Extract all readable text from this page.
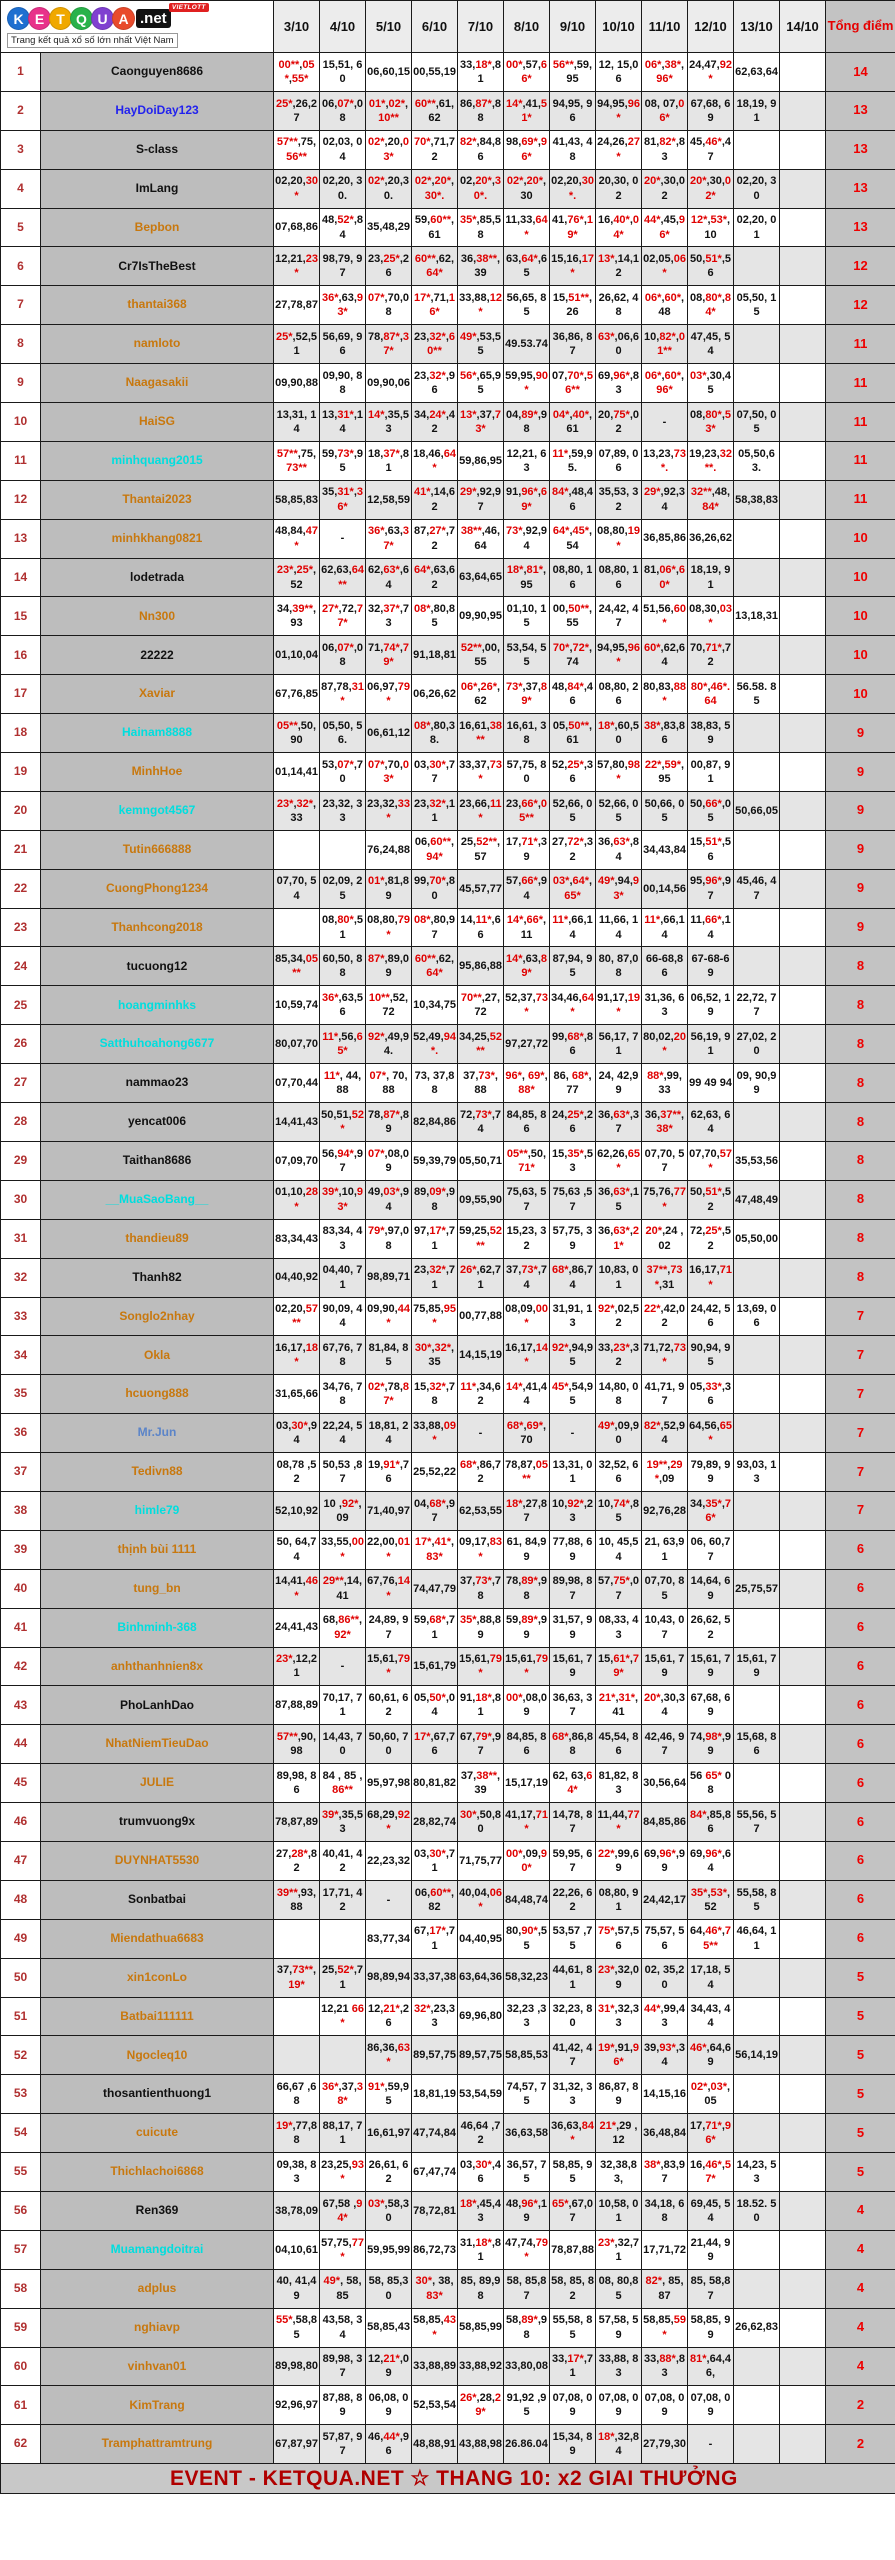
K E T Q U A .net
VIETLOTT
Trang kết quả xổ số lớn nhất Việt Nam		3/10	4/10	5/10	6/10	7/10	8/10	9/10	10/10	11/10	12/10	13/10	14/10	Tổng điểm
1	Caonguyen8686	00**,05*,55*	15,51, 60	06,60,15	00,55,19	33,18*,81	00*,57,66*	56**,59,95	12, 15,06	06*,38*,96*	24,47,92*	62,63,64		14
2	HayDoiDay123	25*,26,27	06,07*,08	01*,02*,10**	60**,61,62	86,87*,88	14*,41,51*	94,95, 96	94,95,96*	08, 07,06*	67,68, 69	18,19, 91		13
3	S-class	57**,75,56**	02,03, 04	02*,20,03*	70*,71,72	82*,84,86	98,69*,96*	41,43, 48	24,26,27*	81,82*,83	45,46*,47			13
4	ImLang	02,20,30*	02,20, 30.	02*,20,30.	02*,20*,30*.	02,20*,30*.	02*,20*,30	02,20,30*.	20,30, 02	20*,30,02	20*,30,02*	02,20, 30		13
5	Bepbon	07,68,86	48,52*,84	35,48,29	59,60**,61	35*,85,58	11,33,64*	41,76*,19*	16,40*,04*	44*,45,96*	12*,53*,10	02,20, 01		13
6	Cr7IsTheBest	12,21,23*	98,79, 97	23,25*,26	60**,62,64*	36,38**,39	63,64*,65	15,16,17*	13*,14,12	02,05,06*	50,51*,56			12
7	thantai368	27,78,87	36*,63,93*	07*,70,08	17*,71,16*	33,88,12*	56,65, 85	15,51**,26	26,62, 48	06*,60*,48	08,80*,84*	05,50, 15		12
8	namloto	25*,52,51	56,69, 96	78,87*,37*	23,32*,60**	49*,53,55	49.53.74	36,86, 87	63*,06,60	10,82*,01**	47,45, 54			11
9	Naagasakii	09,90,88	09,90, 88	09,90,06	23,32*,96	56*,65,95	59,95,90*	07,70*,56**	69,96*,83	06*,60*,96*	03*,30,45			11
10	HaiSG	13,31, 14	13,31*,14	14*,35,53	34,24*,42	13*,37,73*	04,89*,98	04*,40*,61	20,75*,02	-	08,80*,53*	07,50, 05		11
11	minhquang2015	57**,75,73**	59,73*,95	18,37*,81	18,46,64*	59,86,95	12,21, 63	11*,59,95.	07,89, 06	13,23,73*.	19,23,32**.	05,50,63.		11
12	Thantai2023	58,85,83	35,31*,36*	12,58,59	41*,14,62	29*,92,97	91,96*,69*	84*,48,46	35,53, 32	29*,92,34	32**,48,84*	58,38,83		11
13	minhkhang0821	48,84,47*	-	36*,63,37*	87,27*,72	38**,46,64	73*,92,94	64*,45*,54	08,80,19*	36,85,86	36,26,62			10
14	lodetrada	23*,25*,52	62,63,64**	62,63*,64	64*,63,62	63,64,65	18*,81*,95	08,80, 16	08,80, 16	81,06*,60*	18,19, 91			10
15	Nn300	34,39**,93	27*,72,77*	32,37*,73	08*,80,85	09,90,95	01,10, 15	00,50**,55	24,42, 47	51,56,60*	08,30,03*	13,18,31		10
16	22222	01,10,04	06,07*,08	71,74*,79*	91,18,81	52**,00,55	53,54, 55	70*,72*,74	94,95,96*	60*,62,64	70,71*,72			10
17	Xaviar	67,76,85	87,78,31*	06,97,79*	06,26,62	06*,26*,62	73*,37,89*	48,84*,46	08,80, 26	80,83,88*	80*,46*.64	56.58. 85		10
18	Hainam8888	05**,50,90	05,50, 56.	06,61,12	08*,80,38.	16,61,38**	16,61, 38	05,50**,61	18*,60,50	38*,83,86	38,83, 59			9
19	MinhHoe	01,14,41	53,07*,70	07*,70,03*	03,30*,77	33,37,73*	57,75, 80	52,25*,36	57,80,98*	22*,59*,95	00,87, 91			9
20	kemngot4567	23*,32*,33	23,32, 33	23,32,33*	23,32*,11	23,66,11*	23,66*,05**	52,66, 05	52,66, 05	50,66, 05	50,66*,05	50,66,05		9
21	Tutin666888			76,24,88	06,60**,94*	25,52**,57	17,71*,39	27,72*,32	36,63*,84	34,43,84	15,51*,56			9
22	CuongPhong1234	07,70, 54	02,09, 25	01*,81,89	99,70*,80	45,57,77	57,66*,94	03*,64*,65*	49*,94,93*	00,14,56	95,96*,97	45,46, 47		9
23	Thanhcong2018		08,80*,51	08,80,79*	08*,80,97	14,11*,66	14*,66*,11	11*,66,14	11,66, 14	11*,66,14	11,66*,14			9
24	tucuong12	85,34,05**	60,50, 88	87*,89,09	60**,62,64*	95,86,88	14*,63,89*	87,94, 95	80, 87,08	66-68,86	67-68-69			8
25	hoangminhks	10,59,74	36*,63,56	10**,52,72	10,34,75	70**,27,72	52,37,73*	34,46,64*	91,17,19*	31,36, 63	06,52, 19	22,72, 77		8
26	Satthuhoahong6677	80,07,70	11*,56,65*	92*,49,94.	52,49,94*.	34,25,52**	97,27,72	99,68*,86	56,17, 71	80,02,20*	56,19, 91	27,02, 20		8
27	nammao23	07,70,44	11*, 44,88	07*, 70,88	73, 37,88	37,73*, 88	96*, 69*,88*	86, 68*,77	24, 42,99	88*,99, 33	99 49 94	09, 90,99		8
28	yencat006	14,41,43	50,51,52*	78,87*,89	82,84,86	72,73*,74	84,85, 86	24,25*,26	36,63*,37	36,37**,38*	62,63, 64			8
29	Taithan8686	07,09,70	56,94*,97	07*,08,09	59,39,79	05,50,71	05**,50,71*	15,35*,53	62,26,65*	07,70, 57	07,70,57*	35,53,56		8
30	__MuaSaoBang__	01,10,28*	39*,10,93*	49,03*,94	89,09*,98	09,55,90	75,63, 57	75,63 ,57	36,63*,15	75,76,77*	50,51*,52	47,48,49		8
31	thandieu89	83,34,43	83,34, 43	79*,97,08	97,17*,71	59,25,52**	15,23, 32	57,75, 39	36,63*,21*	20*,24 ,02	72,25*,52	05,50,00		8
32	Thanh82	04,40,92	04,40, 71	98,89,71	23,32*,71	26*,62,71	37,73*,74	68*,86,74	10,83, 01	37**,73*,31	16,17,71*			8
33	Songlo2nhay	02,20,57**	90,09, 44	09,90,44*	75,85,95*	00,77,88	08,09,00*	31,91, 13	92*,02,52	22*,42,02	24,42, 56	13,69, 06		7
34	Okla	16,17,18*	67,76, 78	81,84, 85	30*,32*,35	14,15,19	16,17,14*	92*,94,95	33,23*,32	71,72,73*	90,94, 95			7
35	hcuong888	31,65,66	34,76, 78	02*,78,87*	15,32*,78	11*,34,62	14*,41,44	45*,54,95	14,80, 08	41,71, 97	05,33*,36			7
36	Mr.Jun	03,30*,94	22,24, 54	18,81, 24	33,88,09*	-	68*,69*,70	-	49*,09,90	82*,52,94	64,56,65*			7
37	Tedivn88	08,78 ,52	50,53 ,87	19,91*,76	25,52,22	68*,86,72	78,87,05**	13,31, 01	32,52, 66	19**,29*,09	79,89, 99	93,03, 13		7
38	himle79	52,10,92	10 ,92*,09	71,40,97	04,68*,97	62,53,55	18*,27,87	10,92*,23	10,74*,85	92,76,28	34,35*,76*			7
39	thịnh bùi 1111	50, 64,74	33,55,00*	22,00,01*	17*,41*,83*	09,17,83*	61, 84,99	77,88, 69	10, 45,54	21, 63,91	06, 60,77			6
40	tung_bn	14,41,46*	29**,14,41	67,76,14*	74,47,79	37,73*,78	78,89*,98	89,98, 87	57,75*,07	07,70, 85	14,64, 69	25,75,57		6
41	Binhminh-368	24,41,43	68,86**,92*	24,89, 97	59,68*,71	35*,88,89	59,89*,99	31,57, 99	08,33, 43	10,43, 07	26,62, 52			6
42	anhthanhnien8x	23*,12,21	-	15,61,79*	15,61,79	15,61,79*	15,61,79*	15,61, 79	15,61*,79*	15,61, 79	15,61, 79	15,61, 79		6
43	PhoLanhDao	87,88,89	70,17, 71	60,61, 62	05,50*,04	91,18*,81	00*,08,09	36,63, 37	21*,31*,41	20*,30,34	67,68, 69			6
44	NhatNiemTieuDao	57**,90,98	14,43, 70	50,60, 70	17*,67,76	67,79*,97	84,85, 86	68*,86,88	45,54, 86	42,46, 97	74,98*,99	15,68, 86		6
45	JULIE	89,98, 86	84 , 85 ,86**	95,97,98	80,81,82	37,38**, 39	15,17,19	62, 63,64*	81,82, 83	30,56,64	56 65* 08			6
46	trumvuong9x	78,87,89	39*,35,53	68,29,92*	28,82,74	30*,50,80	41,17,71*	14,78, 87	11,44,77*	84,85,86	84*,85,86	55,56, 57		6
47	DUYNHAT5530	27,28*,82	40,41, 42	22,23,32	03,30*,71	71,75,77	00*,09,90*	59,95, 67	22*,99,69	69,96*,99	69,96*,64			6
48	Sonbatbai	39**,93,88	17,71, 42	-	06,60**,82	40,04,06*	84,48,74	22,26, 62	08,80, 91	24,42,17	35*,53*,52	55,58, 85		6
49	Miendathua6683			83,77,34	67,17*,71	04,40,95	80,90*,55	53,57 ,75	75*,57,56	75,57, 56	64,46*,75**	46,64, 11		6
50	xin1conLo	37,73**,19*	25,52*,71	98,89,94	33,37,38	63,64,36	58,32,23	44,61, 81	23*,32,09	02, 35,20	17,18, 54			5
51	Batbai111111		12,21 66*	12,21*,26	32*,23,33	69,96,80	32,23 ,33	32,23, 80	31*,32,33	44*,99,43	34,43, 44			5
52	Ngocleq10			86,36,63*	89,57,75	89,57,75	58,85,53	41,42, 47	19*,91,96*	39,93*,34	46*,64,69	56,14,19		5
53	thosantienthuong1	66,67 ,68	36*,37,38*	91*,59,95	18,81,19	53,54,59	74,57, 75	31,32, 33	86,87, 89	14,15,16	02*,03*,05			5
54	cuicute	19*,77,88	88,17, 71	16,61,97	47,74,84	46,64 ,72	36,63,58	36,63,84*	21*,29 ,12	36,48,84	17,71*,96*			5
55	Thichlachoi6868	09,38, 83	23,25,93*	26,61, 62	67,47,74	03,30*,46	36,57, 75	58,85, 95	32,38,83,	38*,83,97	16,46*,57*	14,23, 53		5
56	Ren369	38,78,09	67,58 ,94*	03*,58,30	78,72,81	18*,45,43	48,96*,19	65*,67,07	10,58, 01	34,18, 68	69,45, 54	18.52. 50		4
57	Muamangdoitrai	04,10,61	57,75,77*	59,95,99	86,72,73	31,18*,81	47,74,79*	78,87,88	23*,32,71	17,71,72	21,44, 99			4
58	adplus	40, 41,49	49*, 58,85	58, 85,30	30*, 38,83*	85, 89,98	58, 85,87	58, 85, 82	08, 80,85	82*, 85,87	85, 58,87			4
59	nghiavp	55*,58,85	43,58, 34	58,85,43	58,85,43*	58,85,99	58,89*,98	55,58, 85	57,58, 59	58,85,59*	58,85, 99	26,62,83		4
60	vinhvan01	89,98,80	89,98, 37	12,21*,09	33,88,89	33,88,92	33,80,08	33,17*,71	33,88, 83	33,88*,83	81*,64,46,			4
61	KimTrang	92,96,97	87,88, 89	06,08, 09	52,53,54	26*,28,29*	91,92 ,95	07,08, 09	07,08, 09	07,08, 09	07,08, 09			2
62	Tramphattramtrung	67,87,97	57,87, 97	46,44*,96	48,88,91	43,88,98	26.86.04	15,34, 89	18*,32,84	27,79,30	-			2

EVENT - KETQUA.NET ☆ THANG 10: x2 GIAI THƯỞNG														
